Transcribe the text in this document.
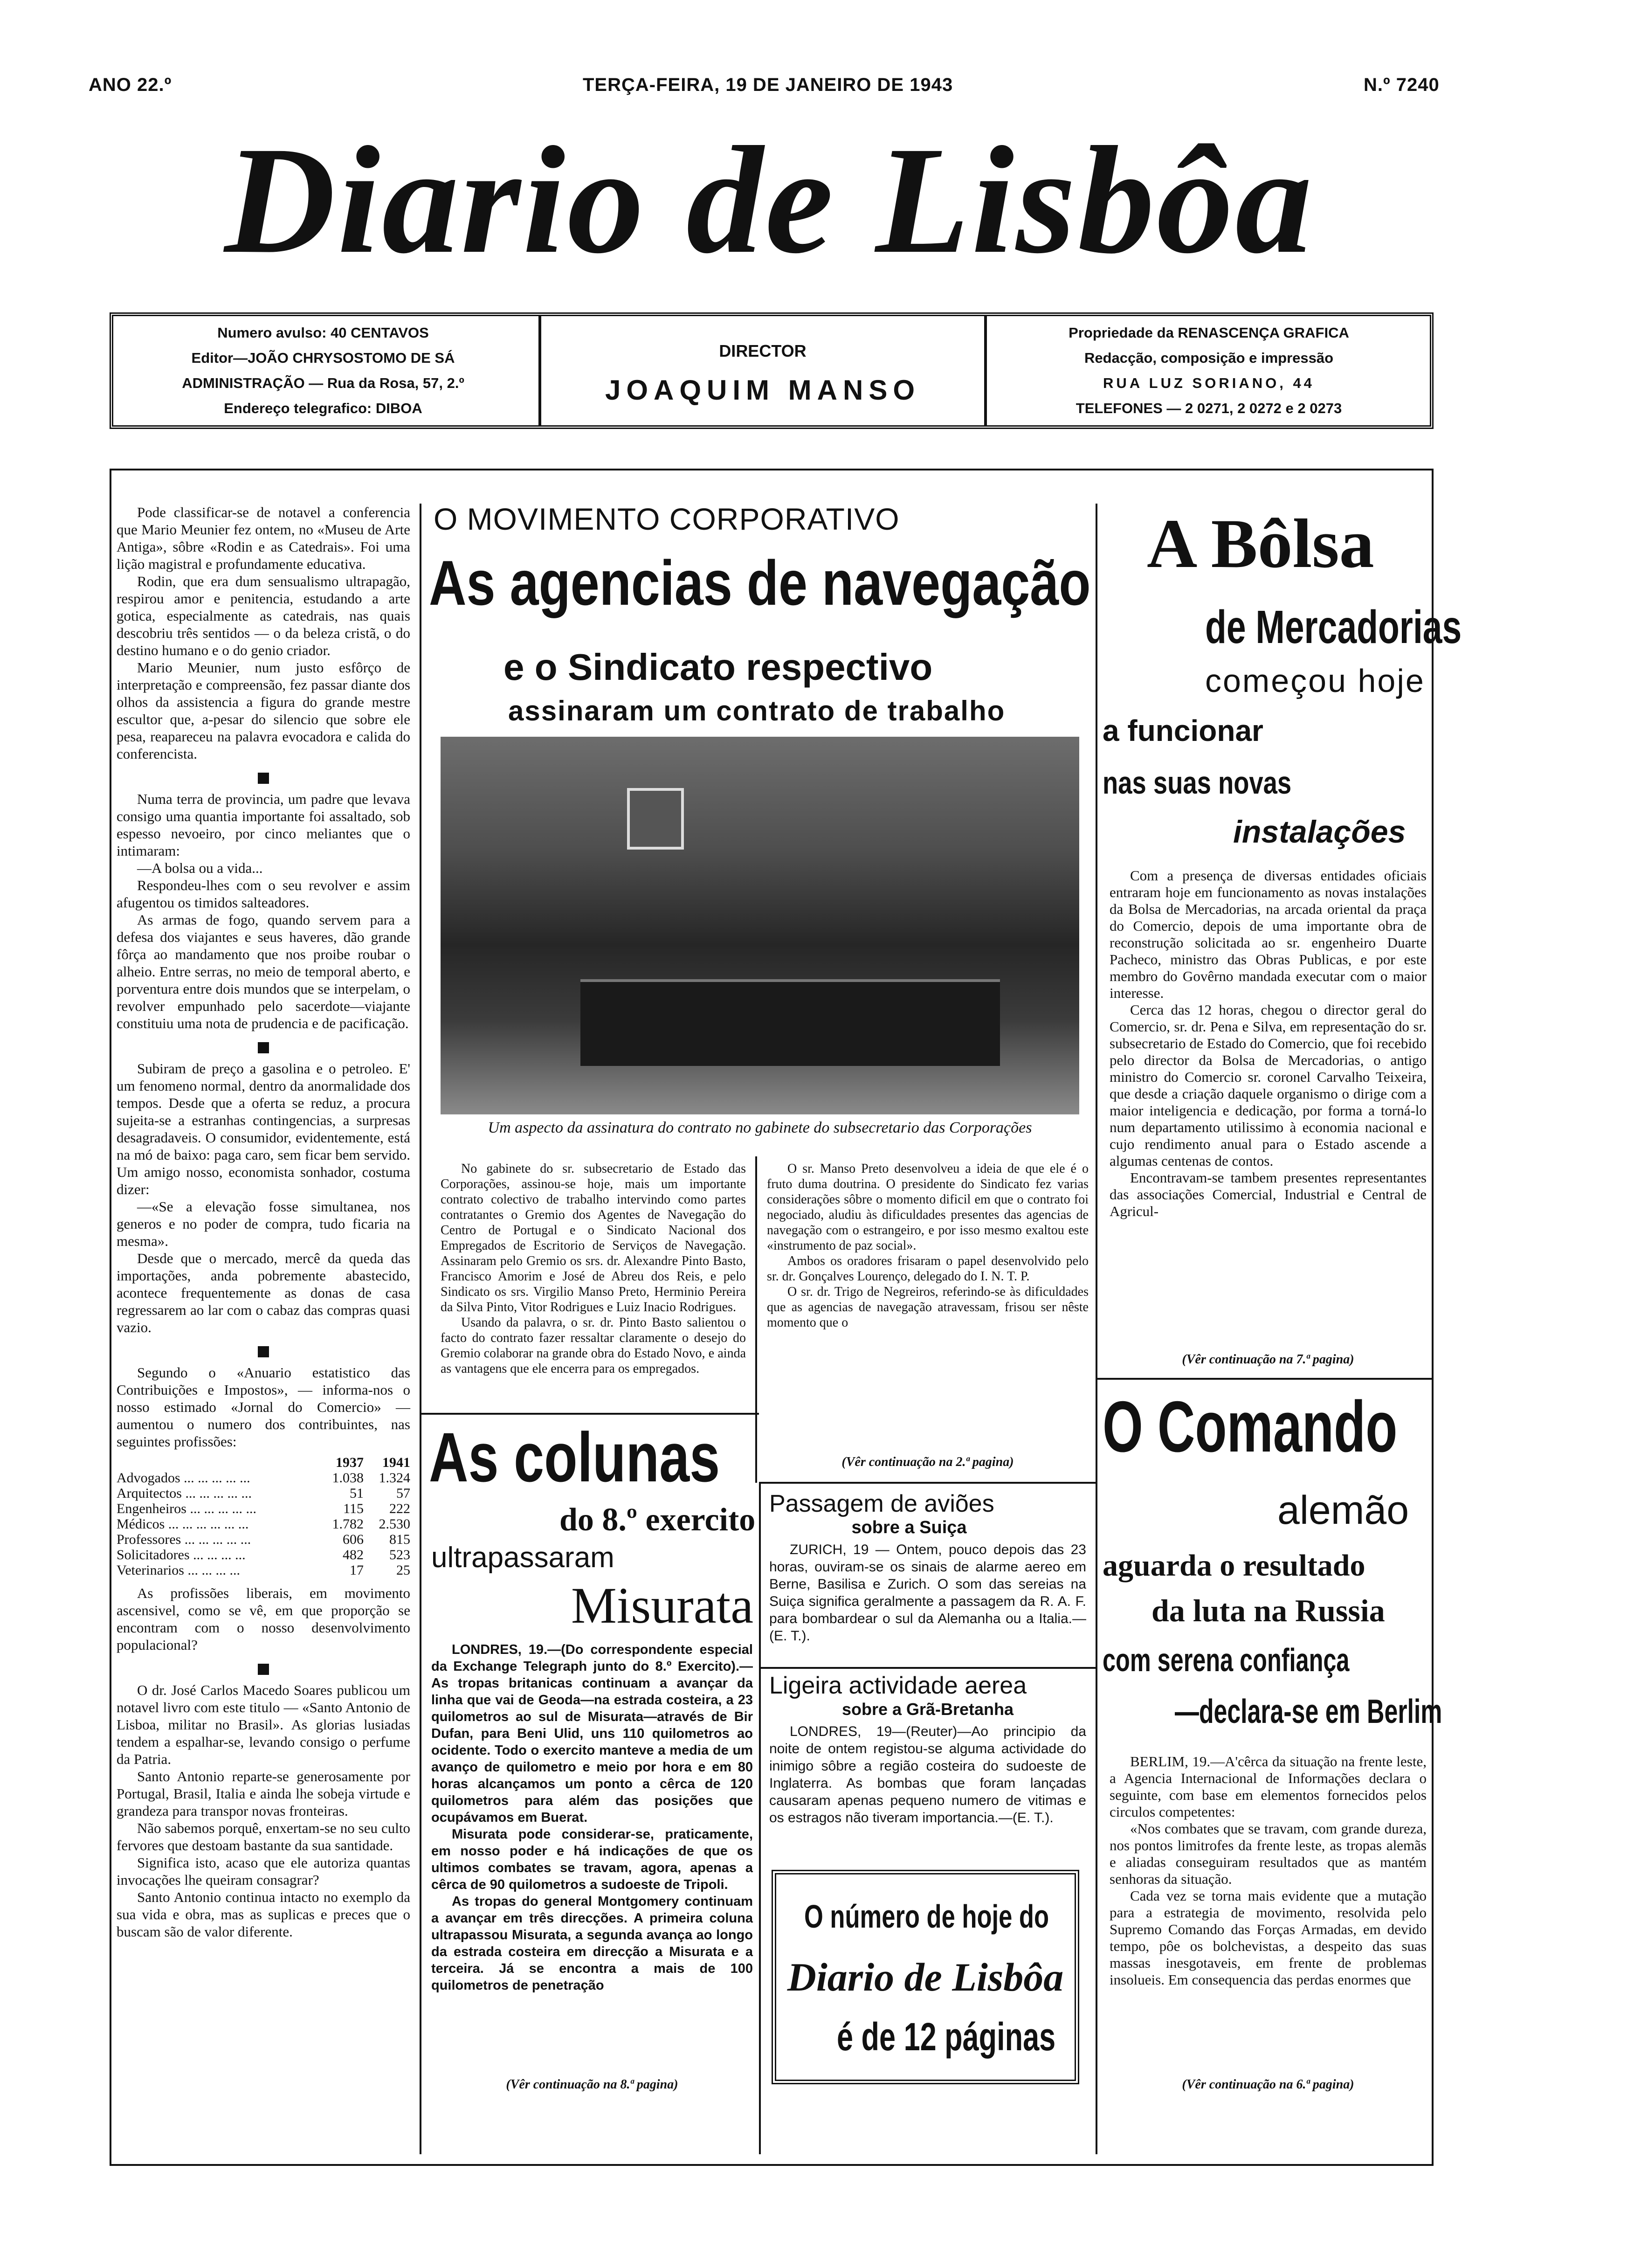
ANO 22.º	TERÇA-FEIRA, 19 DE JANEIRO DE 1943	N.º 7240
Diario de Lisbôa
Numero avulso: 40 CENTAVOS
Editor—JOÃO CHRYSOSTOMO DE SÁ
ADMINISTRAÇÃO — Rua da Rosa, 57, 2.º
Endereço telegrafico: DIBOA
DIRECTOR
JOAQUIM MANSO
Propriedade da RENASCENÇA GRAFICA
Redacção, composição e impressão
RUA LUZ SORIANO, 44
TELEFONES — 2 0271, 2 0272 e 2 0273

Pode classificar-se de notavel a conferencia que Mario Meunier fez ontem, no «Museu de Arte Antiga», sôbre «Rodin e as Catedrais». Foi uma lição magistral e profundamente educativa.

Rodin, que era dum sensualismo ultrapagão, respirou amor e penitencia, estudando a arte gotica, especialmente as catedrais, nas quais descobriu três sentidos — o da beleza cristã, o do destino humano e o do genio criador.

Mario Meunier, num justo esfôrço de interpretação e compreensão, fez passar diante dos olhos da assistencia a figura do grande mestre escultor que, a-pesar do silencio que sobre ele pesa, reapareceu na palavra evocadora e calida do conferencista.

Numa terra de provincia, um padre que levava consigo uma quantia importante foi assaltado, sob espesso nevoeiro, por cinco meliantes que o intimaram:

—A bolsa ou a vida...

Respondeu-lhes com o seu revolver e assim afugentou os timidos salteadores.

As armas de fogo, quando servem para a defesa dos viajantes e seus haveres, dão grande fôrça ao mandamento que nos proibe roubar o alheio. Entre serras, no meio de temporal aberto, e porventura entre dois mundos que se interpelam, o revolver empunhado pelo sacerdote—viajante constituiu uma nota de prudencia e de pacificação.

Subiram de preço a gasolina e o petroleo. E' um fenomeno normal, dentro da anormalidade dos tempos. Desde que a oferta se reduz, a procura sujeita-se a estranhas contingencias, a surpresas desagradaveis. O consumidor, evidentemente, está na mó de baixo: paga caro, sem ficar bem servido. Um amigo nosso, economista sonhador, costuma dizer:

—«Se a elevação fosse simultanea, nos generos e no poder de compra, tudo ficaria na mesma».

Desde que o mercado, mercê da queda das importações, anda pobremente abastecido, acontece frequentemente as donas de casa regressarem ao lar com o cabaz das compras quasi vazio.

Segundo o «Anuario estatistico das Contribuições e Impostos», — informa-nos o nosso estimado «Jornal do Comercio» — aumentou o numero dos contribuintes, nas seguintes profissões:

	1937	1941
Advogados ... ... ... ... ...	1.038	1.324
Arquitectos ... ... ... ... ...	51	57
Engenheiros ... ... ... ... ...	115	222
Médicos ... ... ... ... ... ...	1.782	2.530
Professores ... ... ... ... ...	606	815
Solicitadores ... ... ... ...	482	523
Veterinarios ... ... ... ...	17	25

As profissões liberais, em movimento ascensivel, como se vê, em que proporção se encontram com o nosso desenvolvimento populacional?

O dr. José Carlos Macedo Soares publicou um notavel livro com este titulo — «Santo Antonio de Lisboa, militar no Brasil». As glorias lusiadas tendem a espalhar-se, levando consigo o perfume da Patria.

Santo Antonio reparte-se generosamente por Portugal, Brasil, Italia e ainda lhe sobeja virtude e grandeza para transpor novas fronteiras.

Não sabemos porquê, enxertam-se no seu culto fervores que destoam bastante da sua santidade.

Significa isto, acaso que ele autoriza quantas invocações lhe queiram consagrar?

Santo Antonio continua intacto no exemplo da sua vida e obra, mas as suplicas e preces que o buscam são de valor diferente.

O MOVIMENTO CORPORATIVO
As agencias de navegação
e o Sindicato respectivo
assinaram um contrato de trabalho
Um aspecto da assinatura do contrato no gabinete do subsecretario das Corporações

No gabinete do sr. subsecretario de Estado das Corporações, assinou-se hoje, mais um importante contrato colectivo de trabalho intervindo como partes contratantes o Gremio dos Agentes de Navegação do Centro de Portugal e o Sindicato Nacional dos Empregados de Escritorio de Serviços de Navegação. Assinaram pelo Gremio os srs. dr. Alexandre Pinto Basto, Francisco Amorim e José de Abreu dos Reis, e pelo Sindicato os srs. Virgilio Manso Preto, Herminio Pereira da Silva Pinto, Vitor Rodrigues e Luiz Inacio Rodrigues.

Usando da palavra, o sr. dr. Pinto Basto salientou o facto do contrato fazer ressaltar claramente o desejo do Gremio colaborar na grande obra do Estado Novo, e ainda as vantagens que ele encerra para os empregados.

O sr. Manso Preto desenvolveu a ideia de que ele é o fruto duma doutrina. O presidente do Sindicato fez varias considerações sôbre o momento dificil em que o contrato foi negociado, aludiu às dificuldades presentes das agencias de navegação com o estrangeiro, e por isso mesmo exaltou este «instrumento de paz social».

Ambos os oradores frisaram o papel desenvolvido pelo sr. dr. Gonçalves Lourenço, delegado do I. N. T. P.

O sr. dr. Trigo de Negreiros, referindo-se às dificuldades que as agencias de navegação atravessam, frisou ser nêste momento que o

(Vêr continuação na 2.ª pagina)
As colunas
do 8.º exercito
ultrapassaram
Misurata

LONDRES, 19.—(Do correspondente especial da Exchange Telegraph junto do 8.º Exercito).—As tropas britanicas continuam a avançar da linha que vai de Geoda—na estrada costeira, a 23 quilometros ao sul de Misurata—através de Bir Dufan, para Beni Ulid, uns 110 quilometros ao ocidente. Todo o exercito manteve a media de um avanço de quilometro e meio por hora e em 80 horas alcançamos um ponto a cêrca de 120 quilometros para além das posições que ocupávamos em Buerat.

Misurata pode considerar-se, praticamente, em nosso poder e há indicações de que os ultimos combates se travam, agora, apenas a cêrca de 90 quilometros a sudoeste de Tripoli.

As tropas do general Montgomery continuam a avançar em três direcções. A primeira coluna ultrapassou Misurata, a segunda avança ao longo da estrada costeira em direcção a Misurata e a terceira. Já se encontra a mais de 100 quilometros de penetração

(Vêr continuação na 8.ª pagina)
Passagem de aviões
sobre a Suiça

ZURICH, 19 — Ontem, pouco depois das 23 horas, ouviram-se os sinais de alarme aereo em Berne, Basilisa e Zurich. O som das sereias na Suiça significa geralmente a passagem da R. A. F. para bombardear o sul da Alemanha ou a Italia.—(E. T.).

Ligeira actividade aerea
sobre a Grã-Bretanha

LONDRES, 19—(Reuter)—Ao principio da noite de ontem registou-se alguma actividade do inimigo sôbre a região costeira do sudoeste de Inglaterra. As bombas que foram lançadas causaram apenas pequeno numero de vitimas e os estragos não tiveram importancia.—(E. T.).

O número de hoje do
Diario de Lisbôa
é de 12 páginas
A Bôlsa
de Mercadorias
começou hoje
a funcionar
nas suas novas
instalações

Com a presença de diversas entidades oficiais entraram hoje em funcionamento as novas instalações da Bolsa de Mercadorias, na arcada oriental da praça do Comercio, depois de uma importante obra de reconstrução solicitada ao sr. engenheiro Duarte Pacheco, ministro das Obras Publicas, e por este membro do Govêrno mandada executar com o maior interesse.

Cerca das 12 horas, chegou o director geral do Comercio, sr. dr. Pena e Silva, em representação do sr. subsecretario de Estado do Comercio, que foi recebido pelo director da Bolsa de Mercadorias, o antigo ministro do Comercio sr. coronel Carvalho Teixeira, que desde a criação daquele organismo o dirige com a maior inteligencia e dedicação, por forma a torná-lo num departamento utilissimo à economia nacional e cujo rendimento anual para o Estado ascende a algumas centenas de contos.

Encontravam-se tambem presentes representantes das associações Comercial, Industrial e Central de Agricul-

(Vêr continuação na 7.ª pagina)
O Comando
alemão
aguarda o resultado
da luta na Russia
com serena confiança
—declara-se em Berlim

BERLIM, 19.—A'cêrca da situação na frente leste, a Agencia Internacional de Informações declara o seguinte, com base em elementos fornecidos pelos circulos competentes:

«Nos combates que se travam, com grande dureza, nos pontos limitrofes da frente leste, as tropas alemãs e aliadas conseguiram resultados que as mantém senhoras da situação.

Cada vez se torna mais evidente que a mutação para a estrategia de movimento, resolvida pelo Supremo Comando das Forças Armadas, em devido tempo, pôe os bolchevistas, a despeito das suas massas inesgotaveis, em frente de problemas insolueis. Em consequencia das perdas enormes que

(Vêr continuação na 6.ª pagina)
